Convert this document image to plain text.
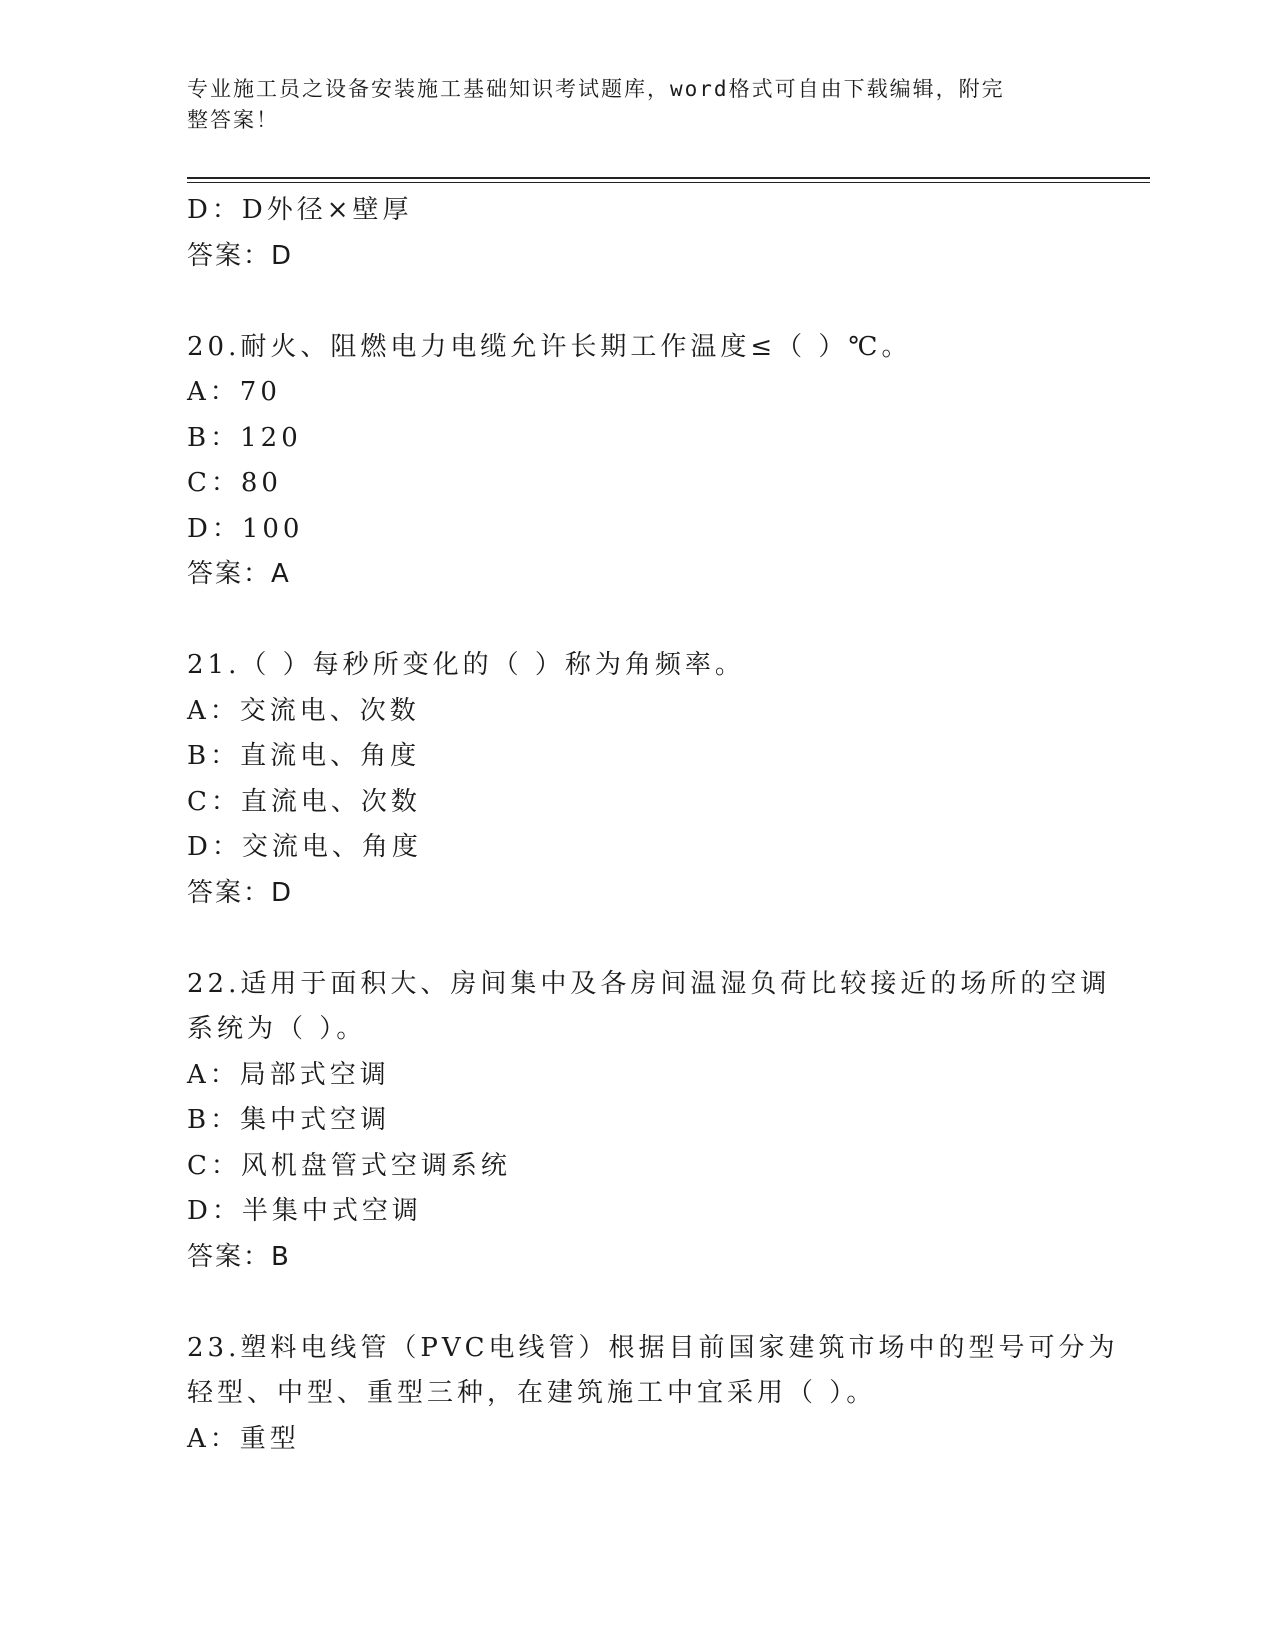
专业施工员之设备安装施工基础知识考试题库，word格式可自由下载编辑，附完
整答案！
D：D外径×壁厚
答案：D
20.耐火、阻燃电力电缆允许长期工作温度≤（ ）℃。
A：70
B：120
C：80
D：100
答案：A
21.（ ）每秒所变化的（ ）称为角频率。
A：交流电、次数
B：直流电、角度
C：直流电、次数
D：交流电、角度
答案：D
22.适用于面积大、房间集中及各房间温湿负荷比较接近的场所的空调
系统为（ ）。
A：局部式空调
B：集中式空调
C：风机盘管式空调系统
D：半集中式空调
答案：B
23.塑料电线管（PVC电线管）根据目前国家建筑市场中的型号可分为
轻型、中型、重型三种，在建筑施工中宜采用（ ）。
A：重型
